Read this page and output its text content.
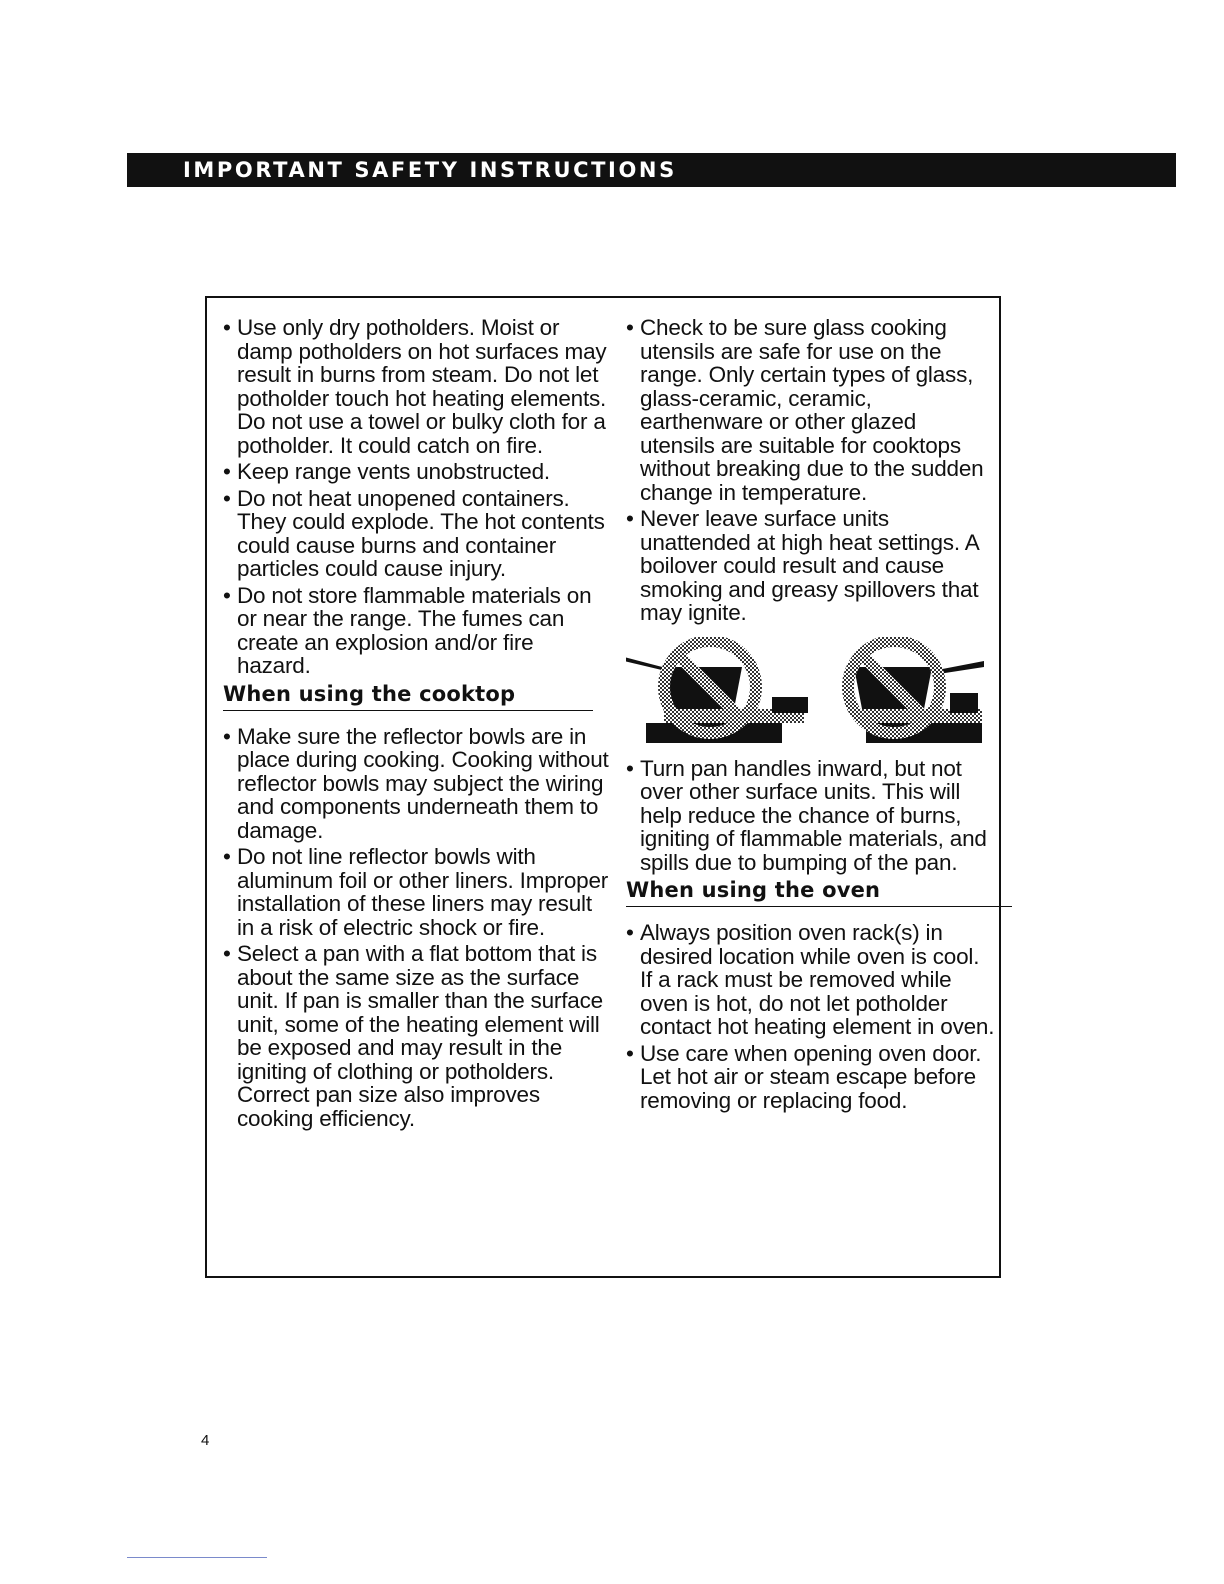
IMPORTANT SAFETY INSTRUCTIONS

• Use only dry potholders. Moist or damp potholders on hot surfaces may result in burns from steam. Do not let potholder touch hot heating elements. Do not use a towel or bulky cloth for a potholder. It could catch on fire.

• Keep range vents unobstructed.

• Do not heat unopened containers. They could explode. The hot contents could cause burns and container particles could cause injury.

• Do not store flammable materials on or near the range. The fumes can create an explosion and/or fire hazard.

When using the cooktop

• Make sure the reflector bowls are in place during cooking. Cooking without reflector bowls may subject the wiring and components underneath them to damage.

• Do not line reflector bowls with aluminum foil or other liners. Improper installation of these liners may result in a risk of electric shock or fire.

• Select a pan with a flat bottom that is about the same size as the surface unit. If pan is smaller than the surface unit, some of the heating element will be exposed and may result in the igniting of clothing or potholders. Correct pan size also improves cooking efficiency.

• Check to be sure glass cooking utensils are safe for use on the range. Only certain types of glass, glass-ceramic, ceramic, earthenware or other glazed utensils are suitable for cooktops without breaking due to the sudden change in temperature.

• Never leave surface units unattended at high heat settings. A boilover could result and cause smoking and greasy spillovers that may ignite.

• Turn pan handles inward, but not over other surface units. This will help reduce the chance of burns, igniting of flammable materials, and spills due to bumping of the pan.

When using the oven

• Always position oven rack(s) in desired location while oven is cool. If a rack must be removed while oven is hot, do not let potholder contact hot heating element in oven.

• Use care when opening oven door. Let hot air or steam escape before removing or replacing food.

4
